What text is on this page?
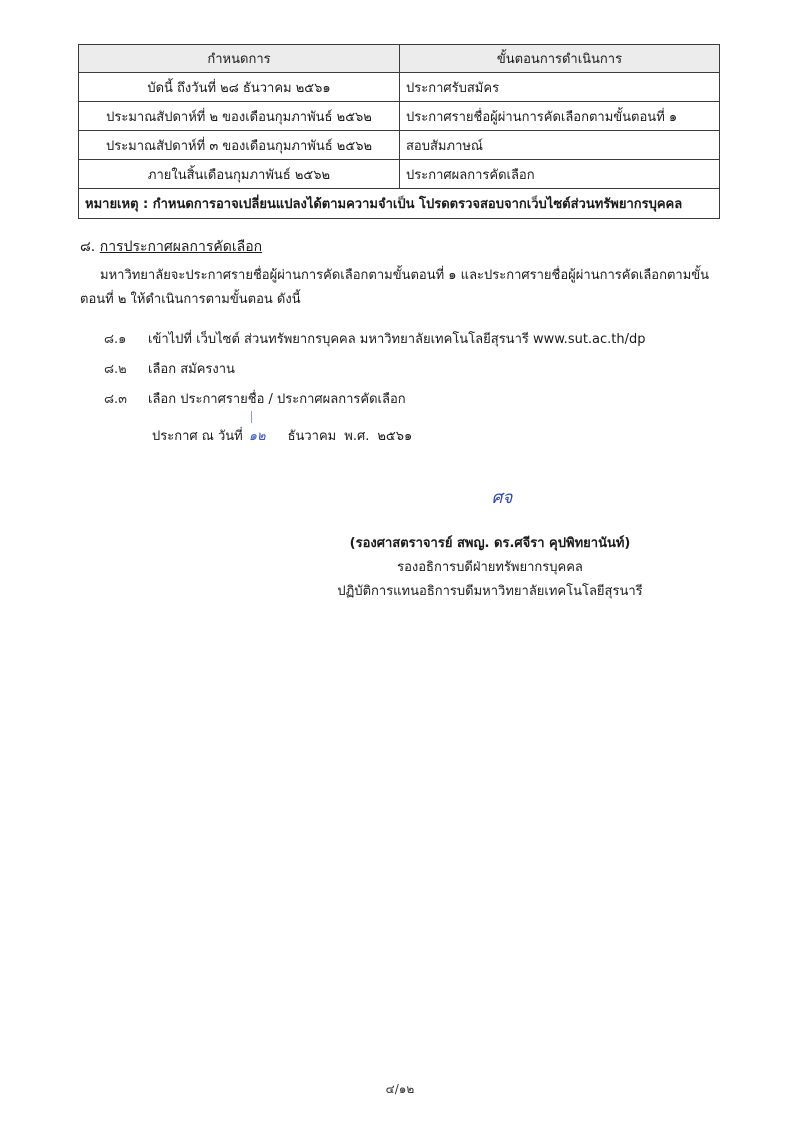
กำหนดการ	ขั้นตอนการดำเนินการ
บัดนี้ ถึงวันที่ ๒๘ ธันวาคม ๒๕๖๑	ประกาศรับสมัคร
ประมาณสัปดาห์ที่ ๒ ของเดือนกุมภาพันธ์ ๒๕๖๒	ประกาศรายชื่อผู้ผ่านการคัดเลือกตามขั้นตอนที่ ๑
ประมาณสัปดาห์ที่ ๓ ของเดือนกุมภาพันธ์ ๒๕๖๒	สอบสัมภาษณ์
ภายในสิ้นเดือนกุมภาพันธ์ ๒๕๖๒	ประกาศผลการคัดเลือก
หมายเหตุ : กำหนดการอาจเปลี่ยนแปลงได้ตามความจำเป็น โปรดตรวจสอบจากเว็บไซต์ส่วนทรัพยากรบุคคล	
๘. การประกาศผลการคัดเลือก
มหาวิทยาลัยจะประกาศรายชื่อผู้ผ่านการคัดเลือกตามขั้นตอนที่ ๑ และประกาศรายชื่อผู้ผ่านการคัดเลือกตามขั้นตอนที่ ๒ ให้ดำเนินการตามขั้นตอน ดังนี้
๘.๑	เข้าไปที่ เว็บไซต์ ส่วนทรัพยากรบุคคล มหาวิทยาลัยเทคโนโลยีสุรนารี www.sut.ac.th/dp
๘.๒	เลือก สมัครงาน
๘.๓	เลือก ประกาศรายชื่อ / ประกาศผลการคัดเลือก
ประกาศ ณ วันที่ ๑๒ ธันวาคม พ.ศ. ๒๕๖๑
ศจ
(รองศาสตราจารย์ สพญ. ดร.ศจีรา คุปพิทยานันท์)
รองอธิการบดีฝ่ายทรัพยากรบุคคล
ปฏิบัติการแทนอธิการบดีมหาวิทยาลัยเทคโนโลยีสุรนารี
๔/๑๒
